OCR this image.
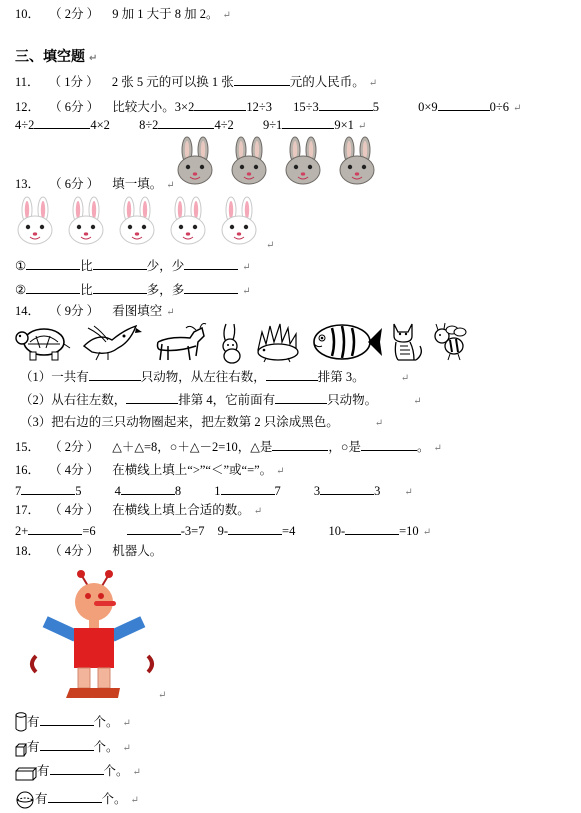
10． （ 2分 ） 9 加 1 大于 8 加 2。 ↵
三、填空题 ↵
11． （ 1分 ） 2 张 5 元的可以换 1 张	元的人民币。 ↵
12． （ 6分 ） 比较大小。3×2	12÷3 15÷3	5	0×9	0÷6 ↵
4÷2	4×2 8÷2	4÷2 9÷1	9×1 ↵
13． （ 6分 ） 填一填。 ↵
↵
①	比	少，少	↵
②	比	多，多	↵
14． （ 9分 ） 看图填空 ↵
（1）一共有	只动物，从左往右数，	排第 3。	↵
（2）从右往左数，	排第 4，它前面有	只动物。	↵
（3）把右边的三只动物圈起来，把左数第 2 只涂成黑色。	↵
15． （ 2分 ） △＋△=8，○＋△－2=10，△是	，○是	。 ↵
16． （ 4分 ） 在横线上填上“>”“＜”或“=”。 ↵
7	5	4	8	1	7	3	3 ↵
17． （ 4分 ） 在横线上填上合适的数。 ↵
2+	=6	-3=7 9-	=4	10-	=10 ↵
18． （ 4分 ） 机器人。
↵
有	个。 ↵
有	个。 ↵
有	个。 ↵
有	个。 ↵
